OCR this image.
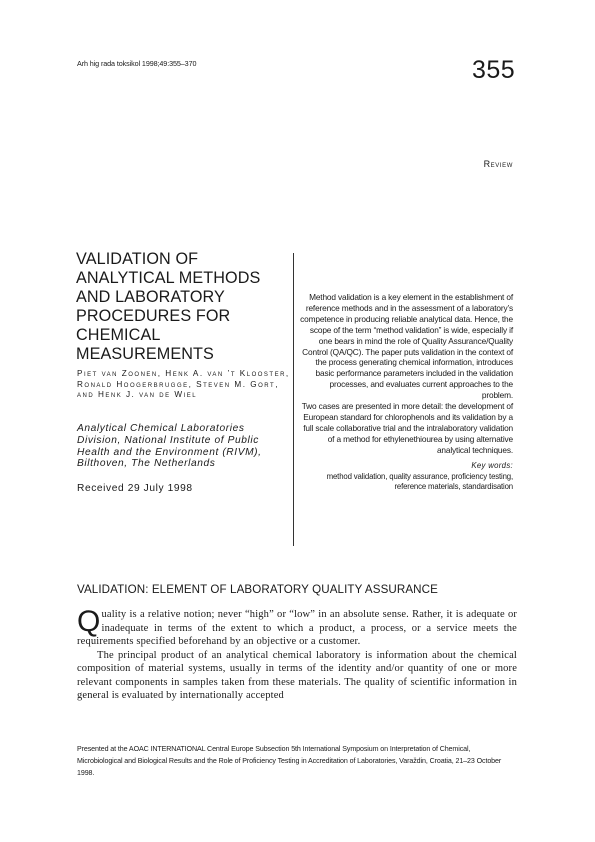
Arh hig rada toksikol 1998;49:355–370	355
Review
VALIDATION OF
ANALYTICAL METHODS
AND LABORATORY
PROCEDURES FOR
CHEMICAL
MEASUREMENTS
Piet van Zoonen, Henk A. van ’t Klooster, Ronald Hoogerbrugge, Steven M. Gort, and Henk J. van de Wiel
Analytical Chemical Laboratories
Division, National Institute of Public
Health and the Environment (RIVM),
Bilthoven, The Netherlands
Received 29 July 1998

Method validation is a key element in the establishment of reference methods and in the assessment of a laboratory’s competence in producing reliable analytical data. Hence, the scope of the term “method validation” is wide, especially if one bears in mind the role of Quality Assurance/Quality Control (QA/QC). The paper puts validation in the context of the process generating chemical information, introduces basic performance parameters included in the validation processes, and evaluates current approaches to the problem.

Two cases are presented in more detail: the development of European standard for chlorophenols and its validation by a full scale collaborative trial and the intralaboratory validation of a method for ethylenethiourea by using alternative analytical techniques.

Key words:
method validation, quality assurance, proficiency testing, reference materials, standardisation
VALIDATION: ELEMENT OF LABORATORY QUALITY ASSURANCE

Quality is a relative notion; never “high” or “low” in an absolute sense. Rather, it is adequate or inadequate in terms of the extent to which a product, a process, or a service meets the requirements specified beforehand by an objective or a customer.

The principal product of an analytical chemical laboratory is information about the chemical composition of material systems, usually in terms of the identity and/or quantity of one or more relevant components in samples taken from these materials. The quality of scientific information in general is evaluated by internationally accepted

Presented at the AOAC INTERNATIONAL Central Europe Subsection 5th International Symposium on Interpretation of Chemical, Microbiological and Biological Results and the Role of Proficiency Testing in Accreditation of Laboratories, Varaždin, Croatia, 21–23 October 1998.
